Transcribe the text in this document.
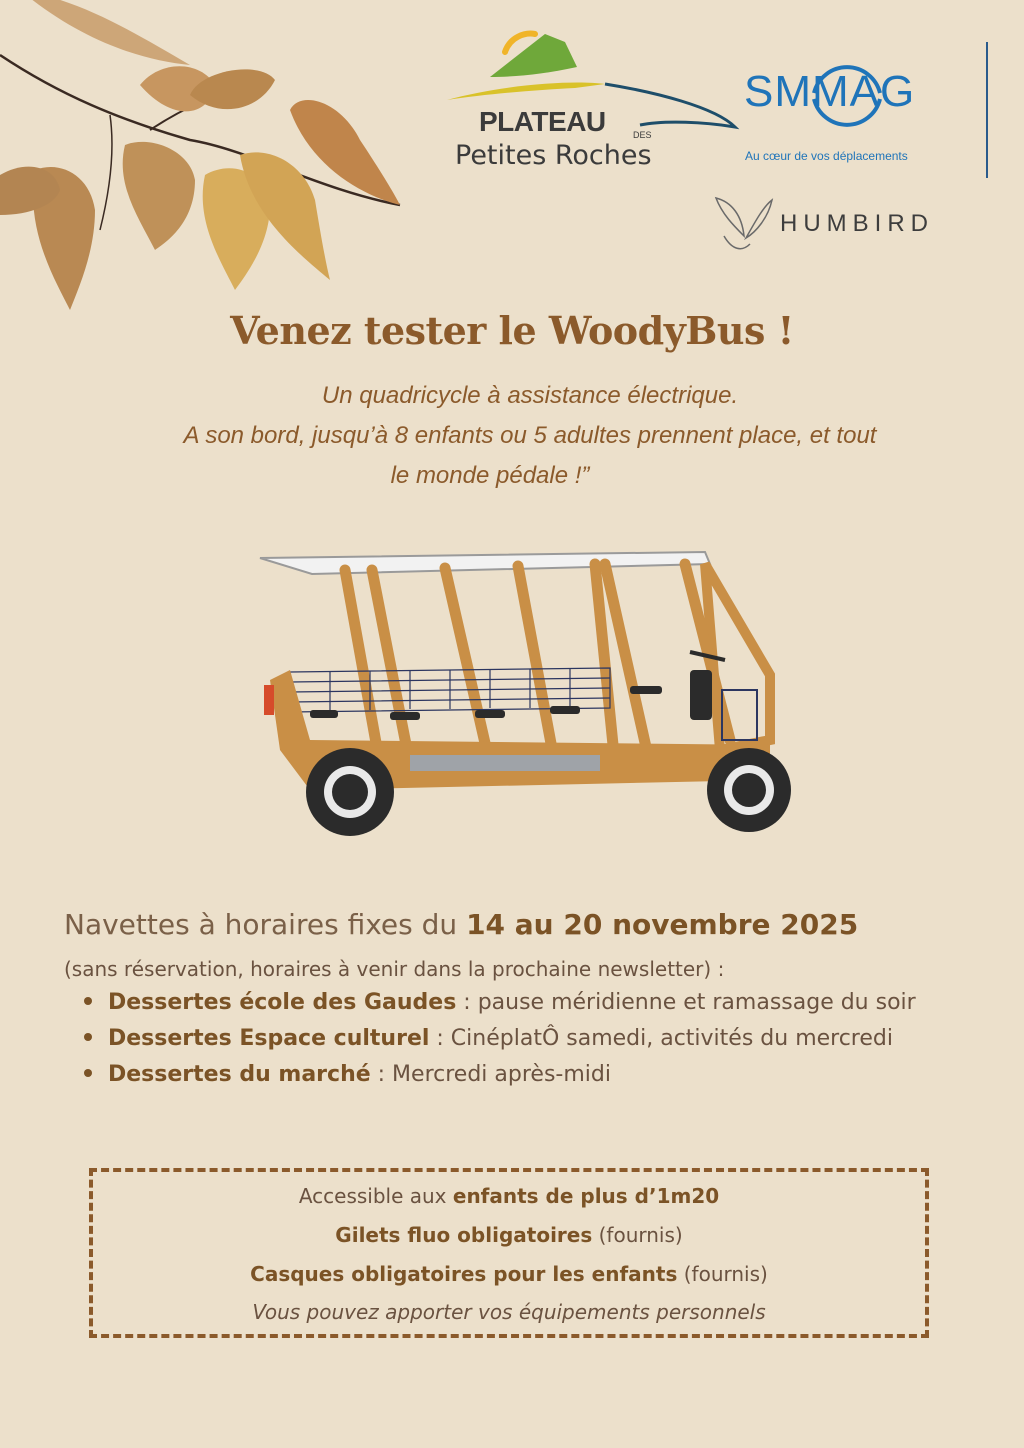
PLATEAU	DES
Petites Roches
SMMAG
Au cœur de vos déplacements
HUMBIRD
Venez tester le WoodyBus !
Un quadricycle à assistance électrique.
A son bord, jusqu’à 8 enfants ou 5 adultes prennent place, et tout
le monde pédale !”
Navettes à horaires fixes du 14 au 20 novembre 2025
(sans réservation, horaires à venir dans la prochaine newsletter) :
Dessertes école des Gaudes : pause méridienne et ramassage du soir
Dessertes Espace culturel : CinéplatÔ samedi, activités du mercredi
Dessertes du marché : Mercredi après-midi
Accessible aux enfants de plus d’1m20
Gilets fluo obligatoires (fournis)
Casques obligatoires pour les enfants (fournis)
Vous pouvez apporter vos équipements personnels
